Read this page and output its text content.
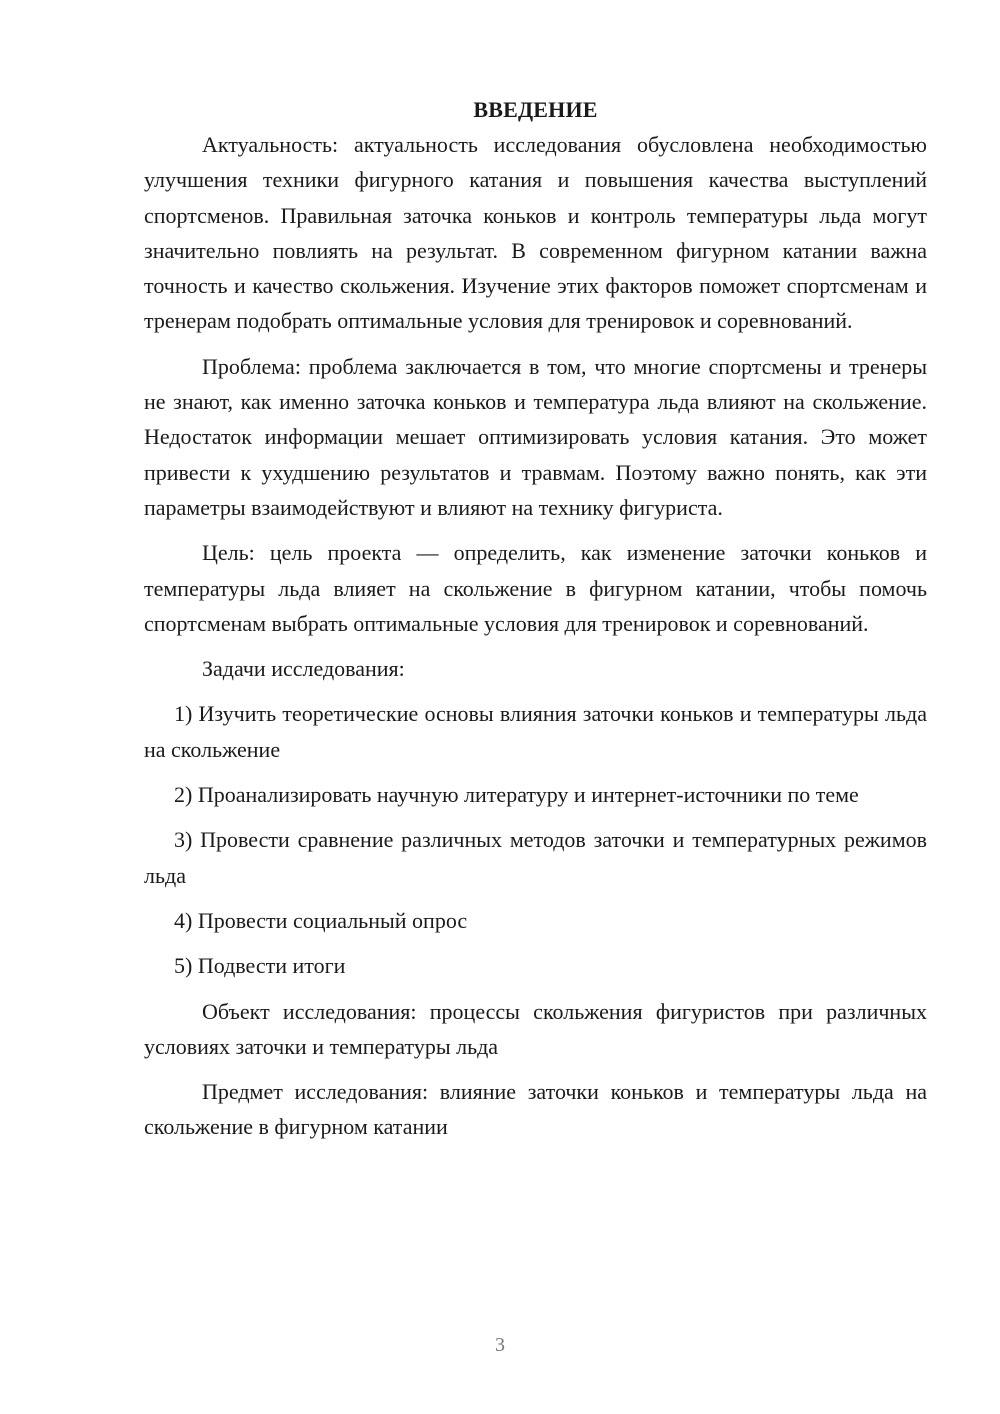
ВВЕДЕНИЕ

Актуальность: актуальность исследования обусловлена необходимостью улучшения техники фигурного катания и повышения качества выступлений спортсменов. Правильная заточка коньков и контроль температуры льда могут значительно повлиять на результат. В современном фигурном катании важна точность и качество скольжения. Изучение этих факторов поможет спортсменам и тренерам подобрать оптимальные условия для тренировок и соревнований.

Проблема: проблема заключается в том, что многие спортсмены и тренеры не знают, как именно заточка коньков и температура льда влияют на скольжение. Недостаток информации мешает оптимизировать условия катания. Это может привести к ухудшению результатов и травмам. Поэтому важно понять, как эти параметры взаимодействуют и влияют на технику фигуриста.

Цель: цель проекта — определить, как изменение заточки коньков и температуры льда влияет на скольжение в фигурном катании, чтобы помочь спортсменам выбрать оптимальные условия для тренировок и соревнований.

Задачи исследования:

1) Изучить теоретические основы влияния заточки коньков и температуры льда на скольжение

2) Проанализировать научную литературу и интернет-источники по теме

3) Провести сравнение различных методов заточки и температурных режимов льда

4) Провести социальный опрос

5) Подвести итоги

Объект исследования: процессы скольжения фигуристов при различных условиях заточки и температуры льда

Предмет исследования: влияние заточки коньков и температуры льда на скольжение в фигурном катании

3
